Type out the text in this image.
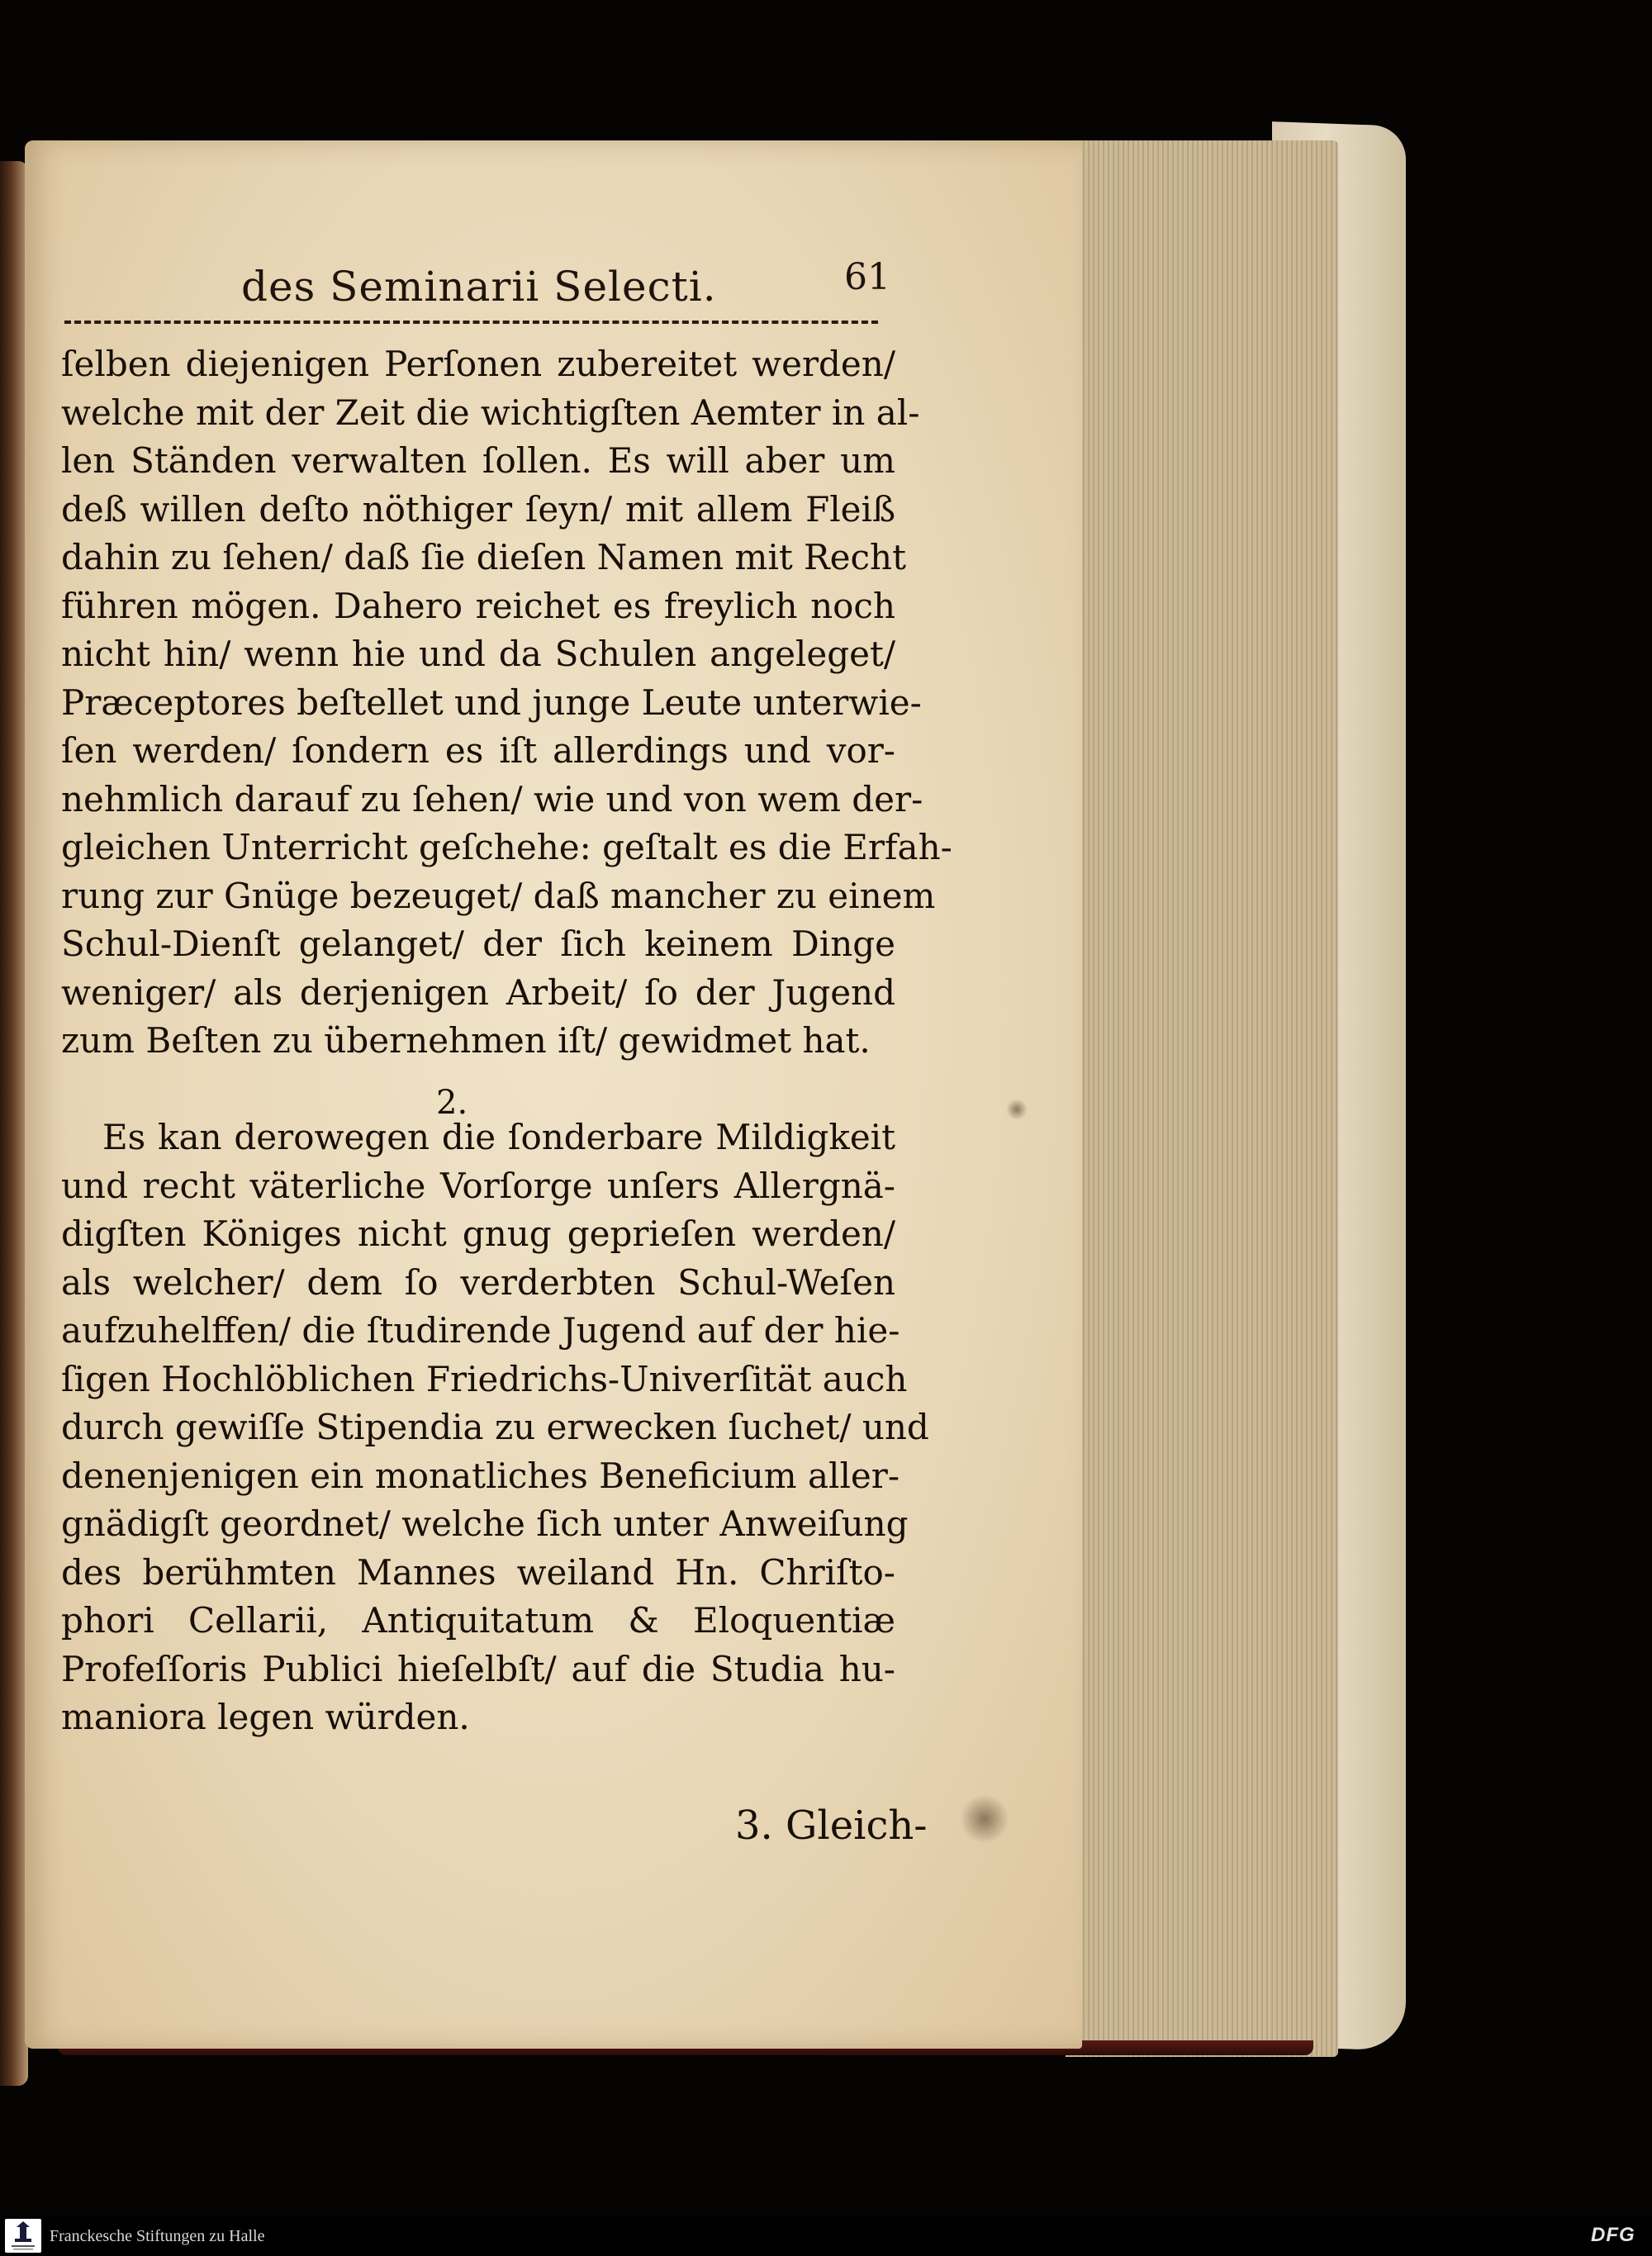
des Seminarii Selecti.	61
ſelben diejenigen Perſonen zubereitet werden/
welche mit der Zeit die wichtigſten Aemter in al-
len Ständen verwalten ſollen. Es will aber um
deß willen deſto nöthiger ſeyn/ mit allem Fleiß
dahin zu ſehen/ daß ſie dieſen Namen mit Recht
führen mögen. Dahero reichet es freylich noch
nicht hin/ wenn hie und da Schulen angeleget/
Præceptores beſtellet und junge Leute unterwie-
ſen werden/ ſondern es iſt allerdings und vor-
nehmlich darauf zu ſehen/ wie und von wem der-
gleichen Unterricht geſchehe: geſtalt es die Erfah-
rung zur Gnüge bezeuget/ daß mancher zu einem
Schul-Dienſt gelanget/ der ſich keinem Dinge
weniger/ als derjenigen Arbeit/ ſo der Jugend
zum Beſten zu übernehmen iſt/ gewidmet hat.
2.
Es kan derowegen die ſonderbare Mildigkeit
und recht väterliche Vorſorge unſers Allergnä-
digſten Königes nicht gnug geprieſen werden/
als welcher/ dem ſo verderbten Schul-Weſen
aufzuhelffen/ die ſtudirende Jugend auf der hie-
ſigen Hochlöblichen Friedrichs-Univerſität auch
durch gewiſſe Stipendia zu erwecken ſuchet/ und
denenjenigen ein monatliches Beneficium aller-
gnädigſt geordnet/ welche ſich unter Anweiſung
des berühmten Mannes weiland Hn. Chriſto-
phori Cellarii, Antiquitatum & Eloquentiæ
Profeſſoris Publici hieſelbſt/ auf die Studia hu-
maniora legen würden.
3. Gleich-
Franckesche Stiftungen zu Halle	DFG
